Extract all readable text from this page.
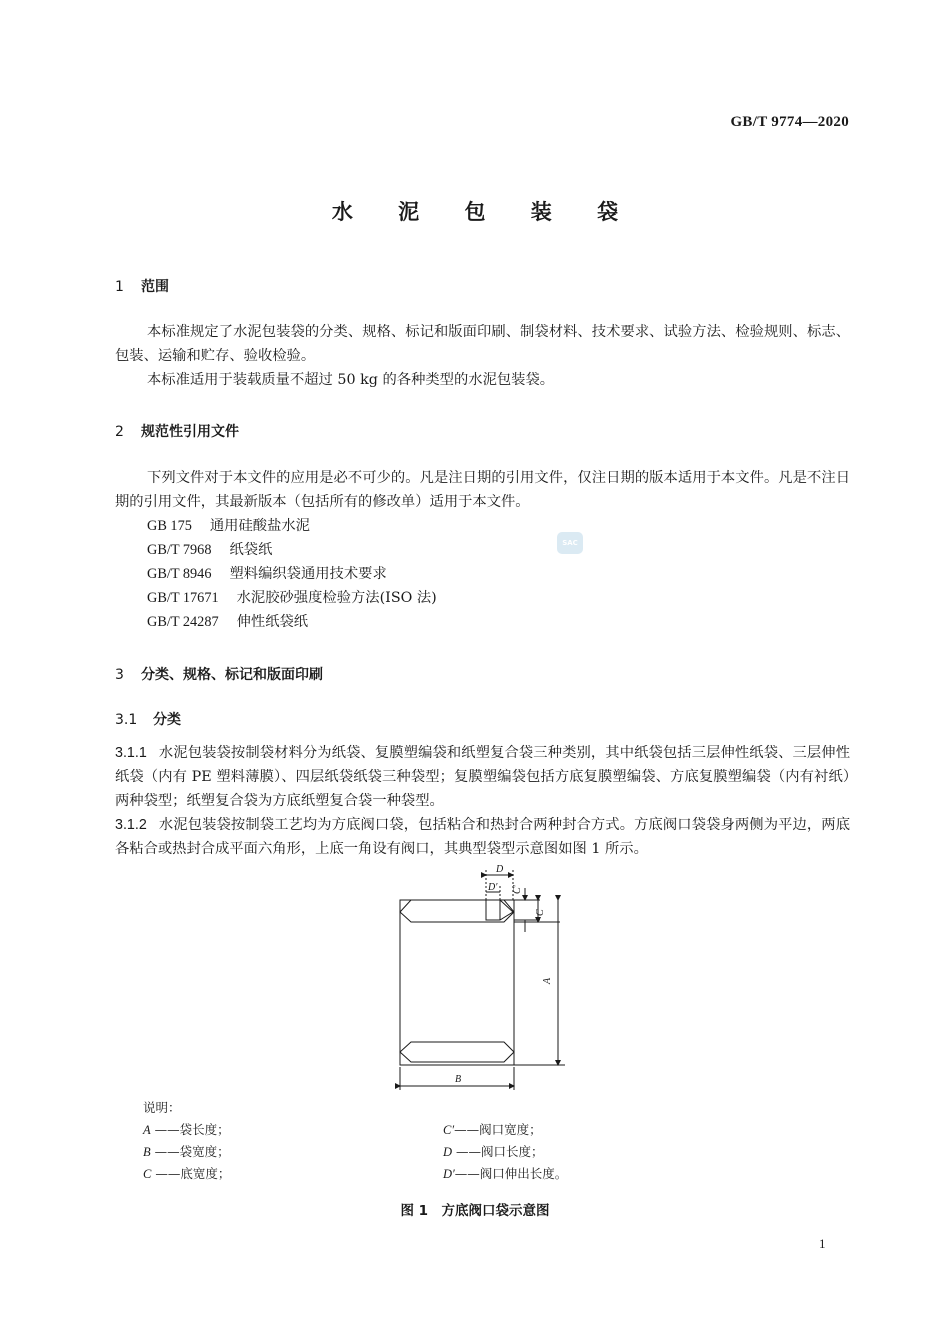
GB/T 9774—2020
水 泥 包 装 袋
1 范围
本标准规定了水泥包装袋的分类、规格、标记和版面印刷、制袋材料、技术要求、试验方法、检验规则、标志、包装、运输和贮存、验收检验。
本标准适用于装载质量不超过 50 kg 的各种类型的水泥包装袋。
2 规范性引用文件
下列文件对于本文件的应用是必不可少的。凡是注日期的引用文件，仅注日期的版本适用于本文件。凡是不注日期的引用文件，其最新版本（包括所有的修改单）适用于本文件。
GB 175 通用硅酸盐水泥
GB/T 7968 纸袋纸
GB/T 8946 塑料编织袋通用技术要求
GB/T 17671 水泥胶砂强度检验方法(ISO 法)
GB/T 24287 伸性纸袋纸
SAC
3 分类、规格、标记和版面印刷
3.1 分类
3.1.1 水泥包装袋按制袋材料分为纸袋、复膜塑编袋和纸塑复合袋三种类别，其中纸袋包括三层伸性纸袋、三层伸性纸袋（内有 PE 塑料薄膜）、四层纸袋纸袋三种袋型；复膜塑编袋包括方底复膜塑编袋、方底复膜塑编袋（内有衬纸）两种袋型；纸塑复合袋为方底纸塑复合袋一种袋型。
3.1.2 水泥包装袋按制袋工艺均为方底阀口袋，包括粘合和热封合两种封合方式。方底阀口袋袋身两侧为平边，两底各粘合或热封合成平面六角形，上底一角设有阀口，其典型袋型示意图如图 1 所示。
D
D′ C′
C
A
B
说明：
A ——袋长度；
B ——袋宽度；
C ——底宽度；
C′——阀口宽度；
D ——阀口长度；
D′——阀口伸出长度。
图 1　方底阀口袋示意图
1
